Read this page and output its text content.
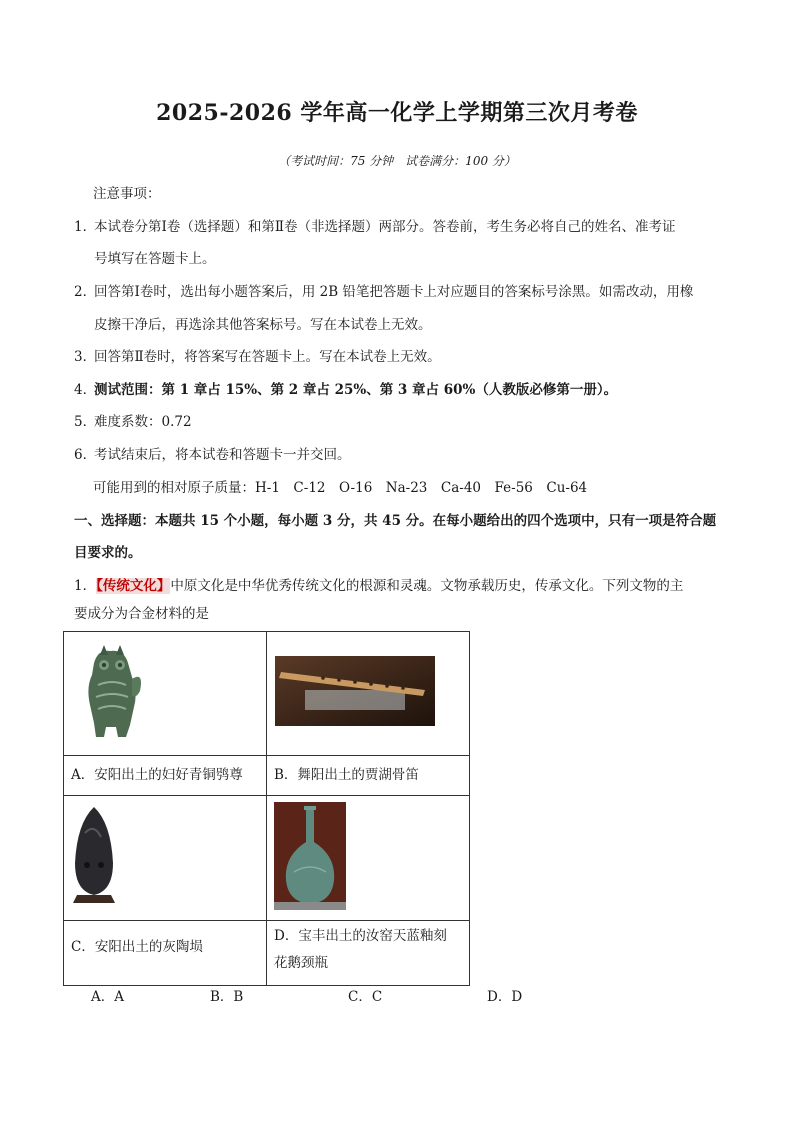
2025-2026 学年高一化学上学期第三次月考卷
（考试时间：75 分钟　试卷满分：100 分）
注意事项：
1．本试卷分第Ⅰ卷（选择题）和第Ⅱ卷（非选择题）两部分。答卷前，考生务必将自己的姓名、准考证
号填写在答题卡上。
2．回答第Ⅰ卷时，选出每小题答案后，用 2B 铅笔把答题卡上对应题目的答案标号涂黑。如需改动，用橡
皮擦干净后，再选涂其他答案标号。写在本试卷上无效。
3．回答第Ⅱ卷时，将答案写在答题卡上。写在本试卷上无效。
4．测试范围：第 1 章占 15%、第 2 章占 25%、第 3 章占 60%（人教版必修第一册）。
5．难度系数：0.72
6．考试结束后，将本试卷和答题卡一并交回。
可能用到的相对原子质量：H-1　C-12　O-16　Na-23　Ca-40　Fe-56　Cu-64
一、选择题：本题共 15 个小题，每小题 3 分，共 45 分。在每小题给出的四个选项中，只有一项是符合题
目要求的。
1．【传统文化】中原文化是中华优秀传统文化的根源和灵魂。文物承载历史，传承文化。下列文物的主
要成分为合金材料的是

A．安阳出土的妇好青铜鸮尊	B．舞阳出土的贾湖骨笛

C．安阳出土的灰陶埙	D．宝丰出土的汝窑天蓝釉刻
花鹅颈瓶
A．A	B．B	C．C	D．D
